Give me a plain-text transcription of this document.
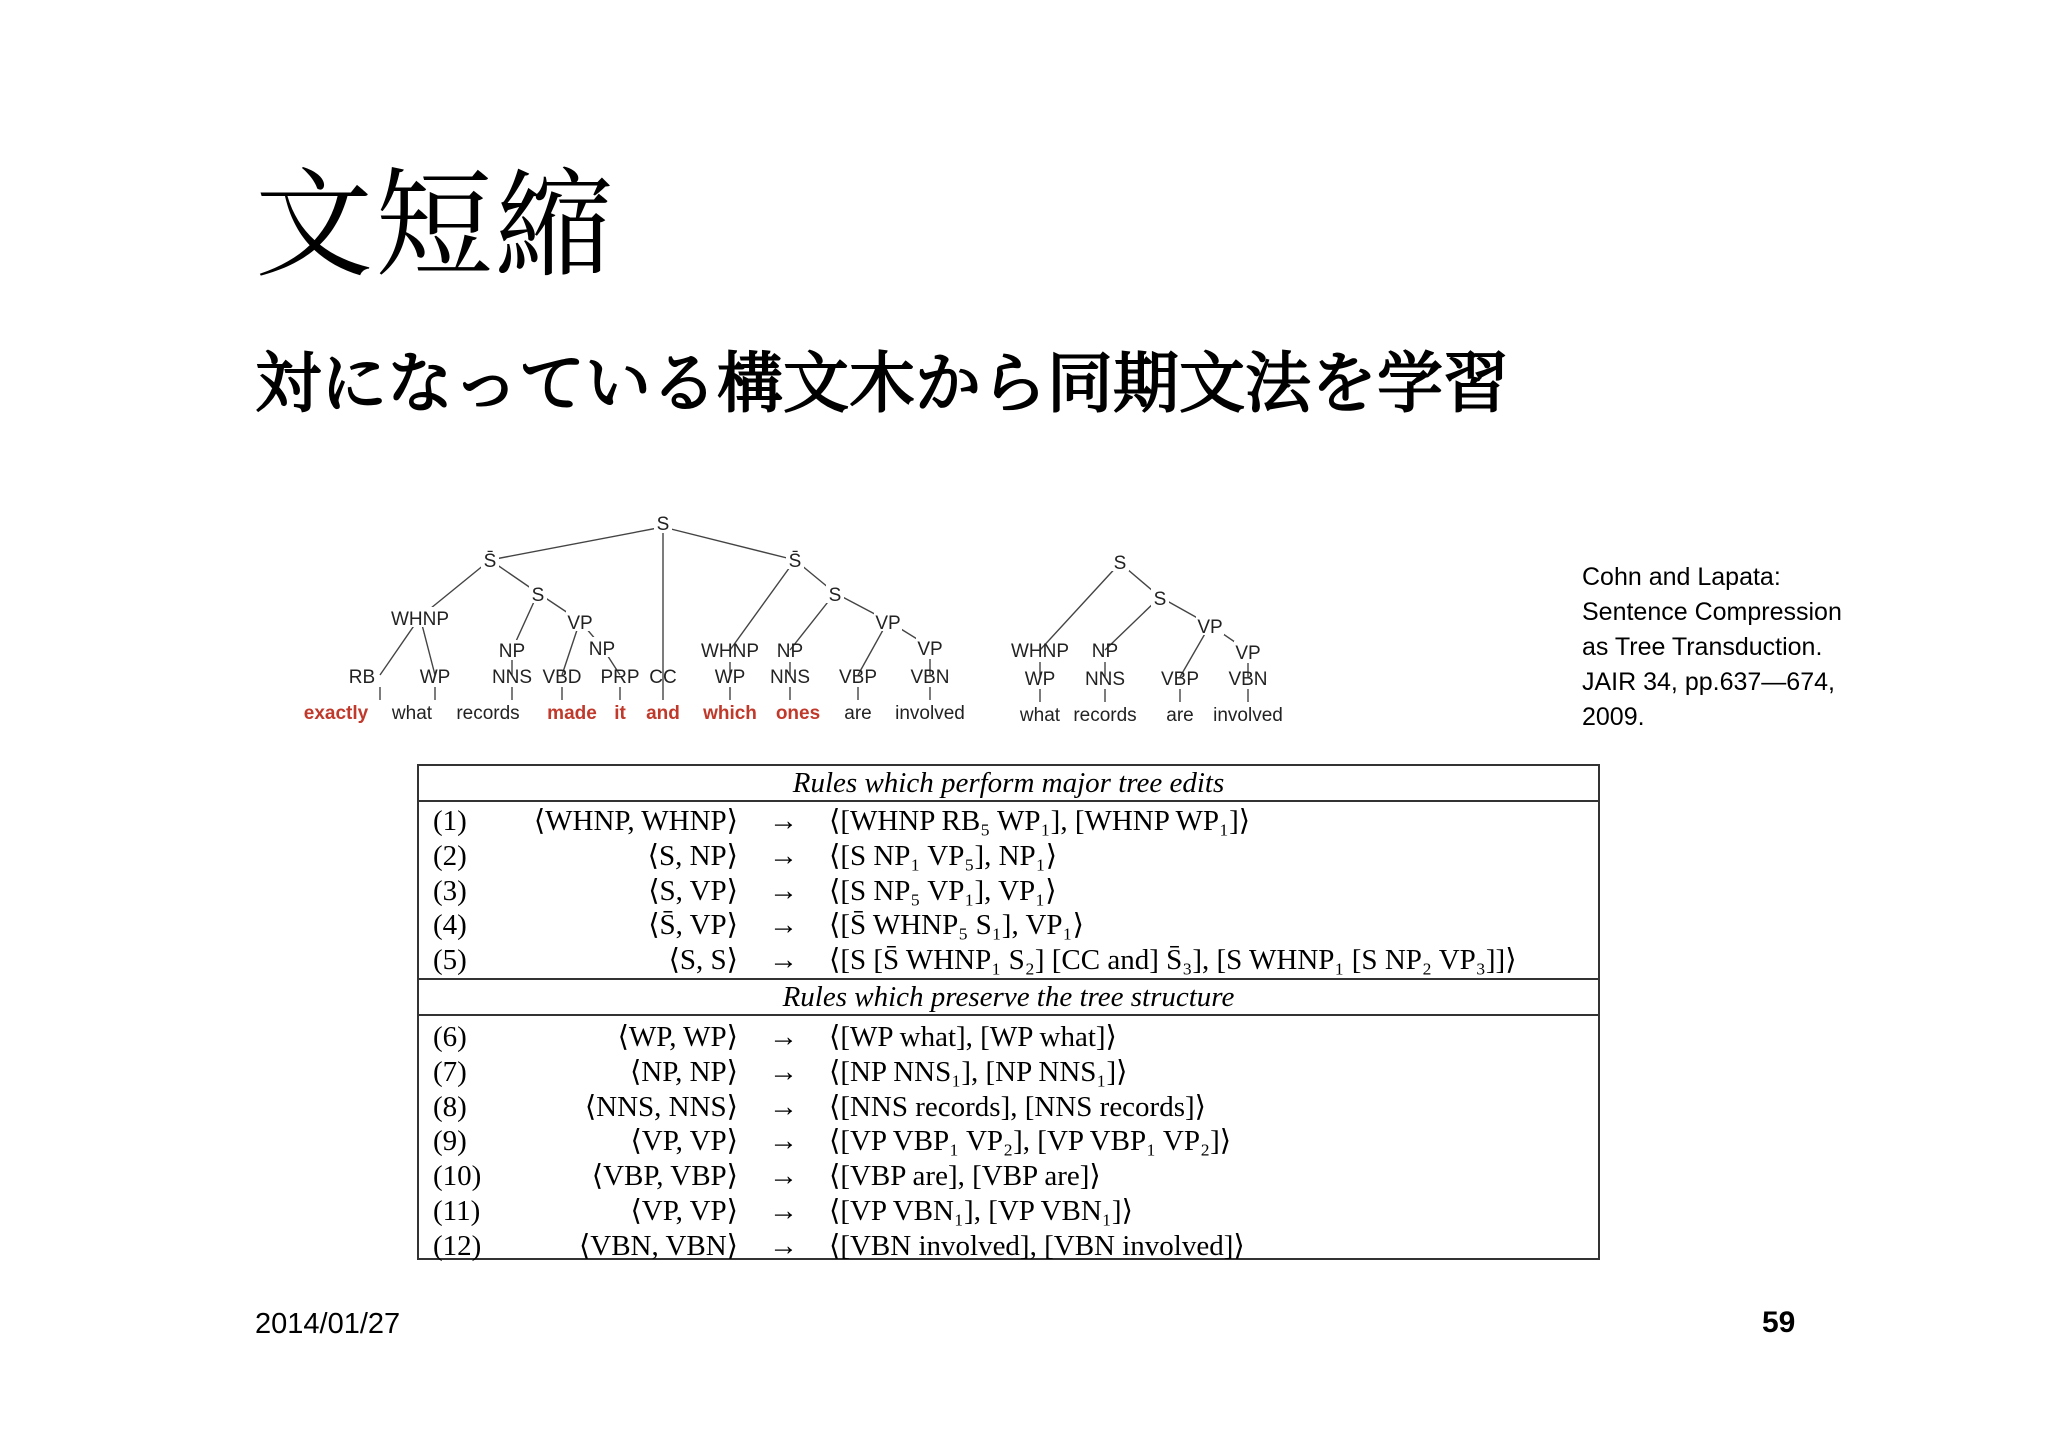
文短縮
対になっている構文木から同期文法を学習
Cohn and Lapata:
Sentence Compression
as Tree Transduction.
JAIR 34, pp.637—674,
2009.
S
S̄
S
VP
WHNP
NP	NP
RB WP NNS VBD PRP CC
S̄
S
VP
WHNP NP	VP
WP NNS VBP VBN
S
S
VP
WHNP NP	VP
WP NNS VBP VBN
exactly what records made it and which ones are involved	what records are involved
Rules which perform major tree edits
(1) ⟨WHNP, WHNP⟩ → ⟨[WHNP RB₅ WP₁], [WHNP WP₁]⟩
(2)	⟨S, NP⟩ → ⟨[S NP₁ VP₅], NP₁⟩
(3)	⟨S, VP⟩ → ⟨[S NP₅ VP₁], VP₁⟩
(4)	⟨S̄, VP⟩ → ⟨[S̄ WHNP₅ S₁], VP₁⟩
(5)	⟨S, S⟩ → ⟨[S [S̄ WHNP₁ S₂] [CC and] S̄₃], [S WHNP₁ [S NP₂ VP₃]]⟩
Rules which preserve the tree structure
(6)	⟨WP, WP⟩ → ⟨[WP what], [WP what]⟩
(7)	⟨NP, NP⟩ → ⟨[NP NNS₁], [NP NNS₁]⟩
(8)	⟨NNS, NNS⟩ → ⟨[NNS records], [NNS records]⟩
(9)	⟨VP, VP⟩ → ⟨[VP VBP₁ VP₂], [VP VBP₁ VP₂]⟩
(10)	⟨VBP, VBP⟩ → ⟨[VBP are], [VBP are]⟩
(11)	⟨VP, VP⟩ → ⟨[VP VBN₁], [VP VBN₁]⟩
(12)	⟨VBN, VBN⟩ → ⟨[VBN involved], [VBN involved]⟩
2014/01/27	59
